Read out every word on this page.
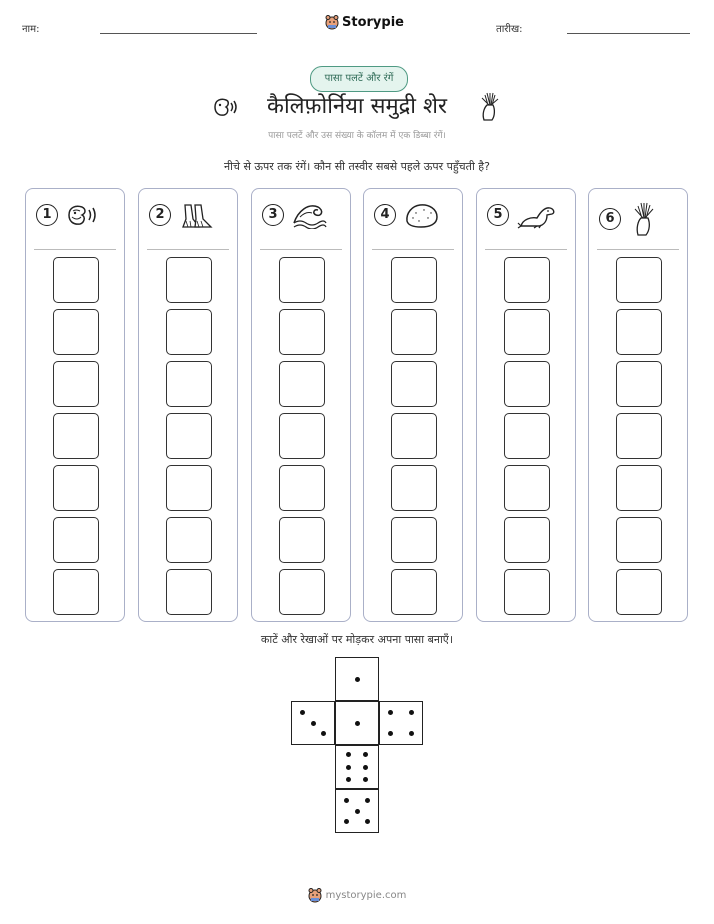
नाम:	Storypie	तारीख:
पासा पलटें और रंगें
कैलिफ़ोर्निया समुद्री शेर
पासा पलटें और उस संख्या के कॉलम में एक डिब्बा रंगें।
नीचे से ऊपर तक रंगें। कौन सी तस्वीर सबसे पहले ऊपर पहुँचती है?
1	2	3	4	5	6
काटें और रेखाओं पर मोड़कर अपना पासा बनाएँ।
mystorypie.com
